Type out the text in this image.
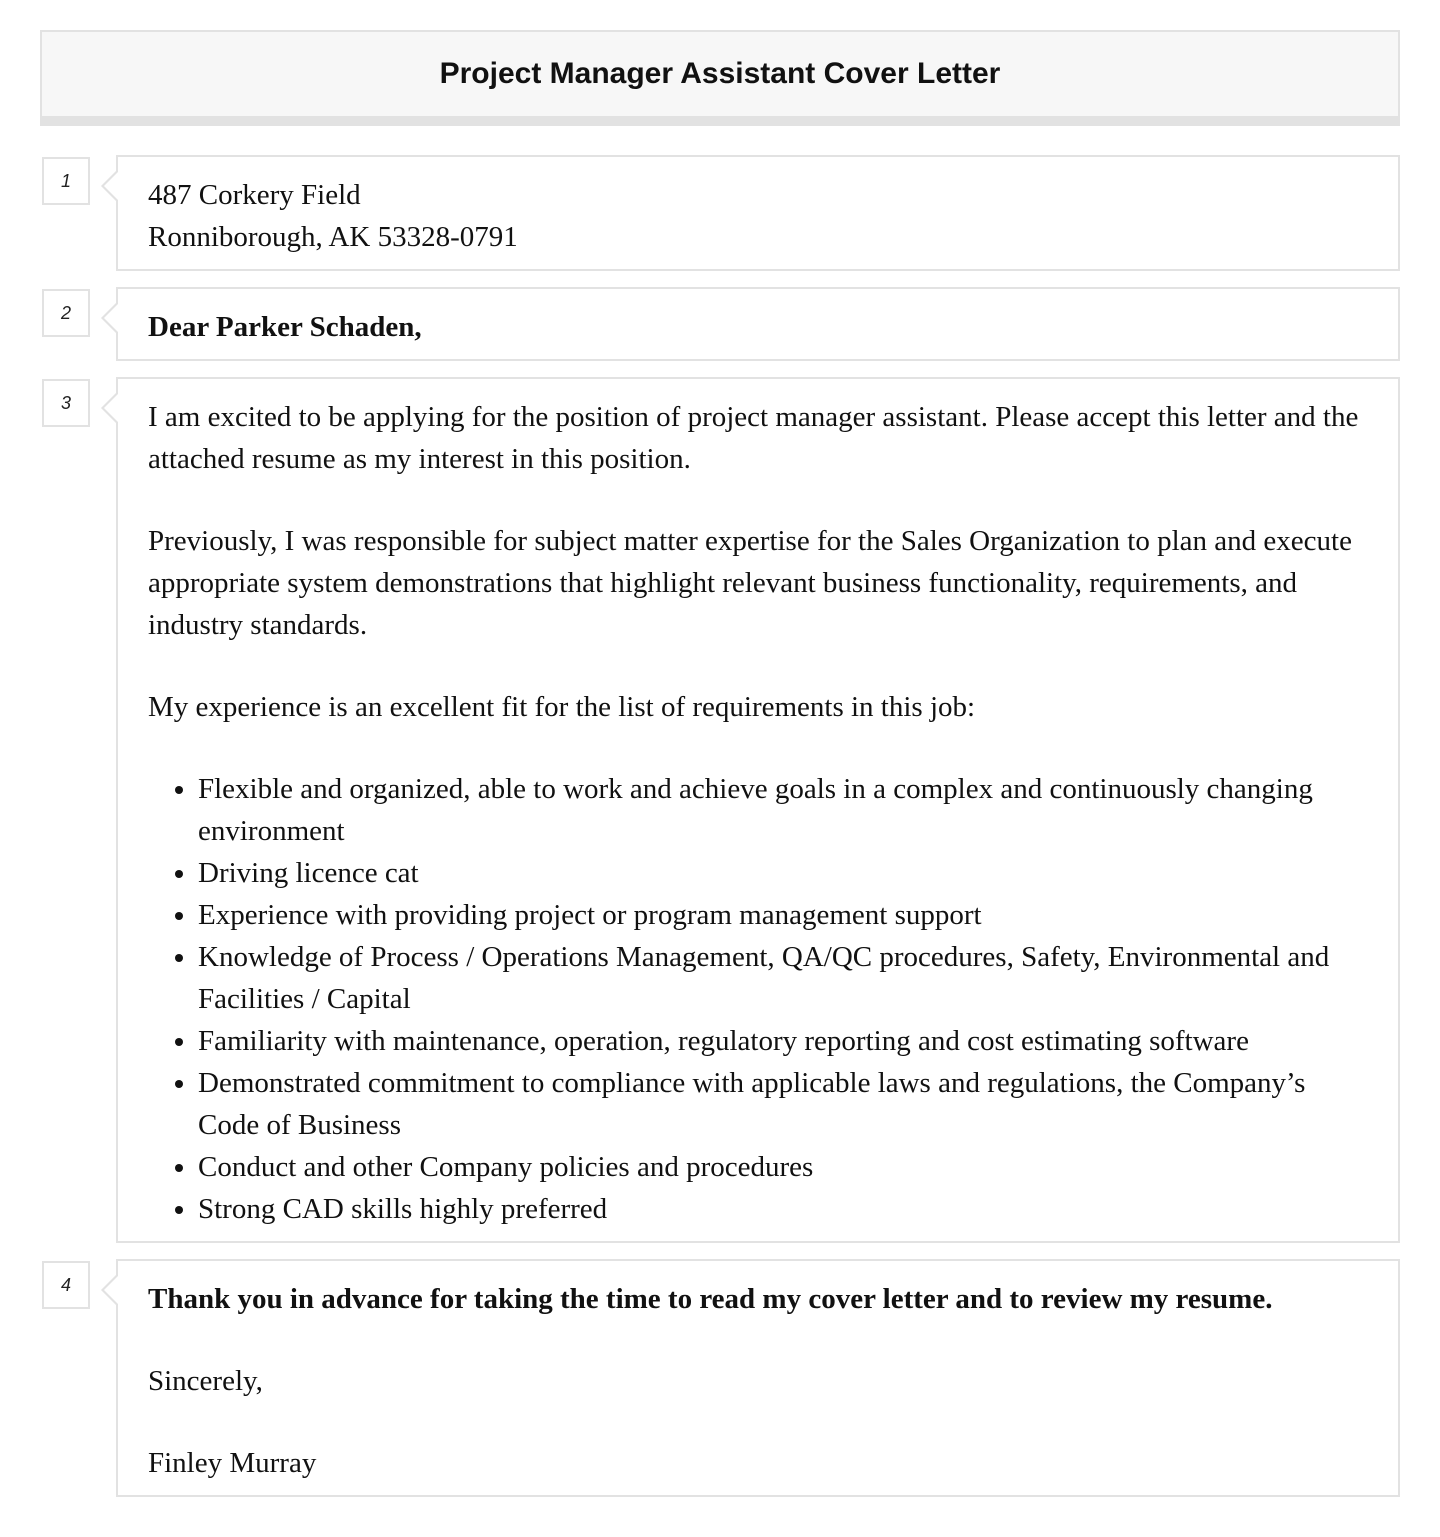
Project Manager Assistant Cover Letter
1	487 Corkery Field

Ronniborough, AK 53328-0791

2	Dear Parker Schaden,

3	I am excited to be applying for the position of project manager assistant. Please accept this letter and the attached resume as my interest in this position.

Previously, I was responsible for subject matter expertise for the Sales Organization to plan and execute appropriate system demonstrations that highlight relevant business functionality, requirements, and industry standards.

My experience is an excellent fit for the list of requirements in this job:

• Flexible and organized, able to work and achieve goals in a complex and continuously changing environment
• Driving licence cat
• Experience with providing project or program management support
• Knowledge of Process / Operations Management, QA/QC procedures, Safety, Environmental and Facilities / Capital
• Familiarity with maintenance, operation, regulatory reporting and cost estimating software
• Demonstrated commitment to compliance with applicable laws and regulations, the Company’s Code of Business
• Conduct and other Company policies and procedures
• Strong CAD skills highly preferred
4	Thank you in advance for taking the time to read my cover letter and to review my resume.

Sincerely,

Finley Murray
